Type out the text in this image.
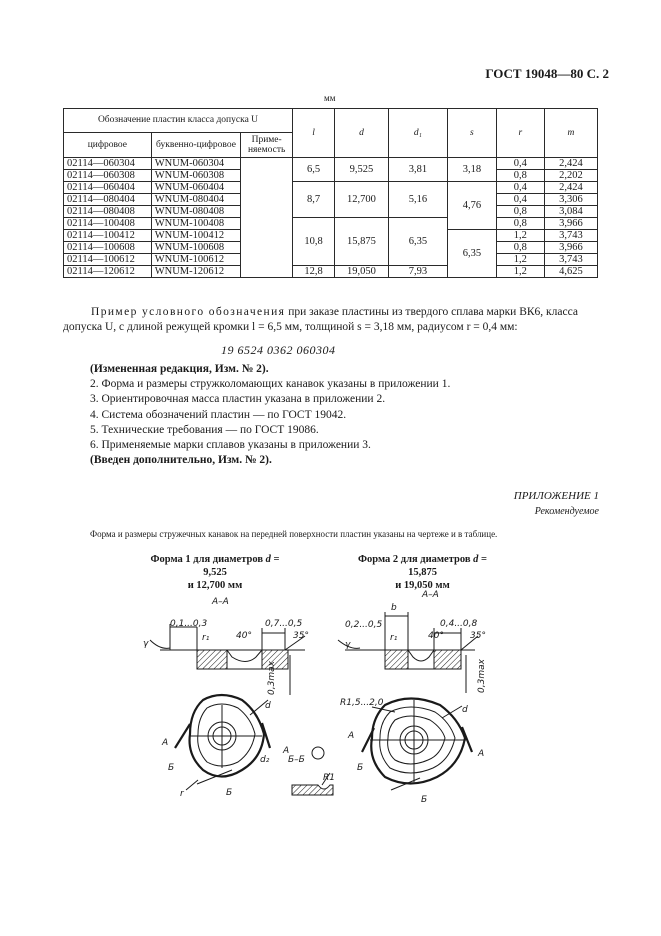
ГОСТ 19048—80 С. 2
мм
Обозначение пластин класса допуска U			l	d	d₁	s	r	m
цифровое	буквенно-цифровое	Приме-няемость						
02114—060304	WNUM-060304		6,5	9,525	3,81	3,18	0,4	2,424
02114—060308	WNUM-060308						0,8	2,202
02114—060404	WNUM-060404		8,7	12,700	5,16	4,76	0,4	2,424
02114—080404	WNUM-080404						0,4	3,306
02114—080408	WNUM-080408						0,8	3,084
02114—100408	WNUM-100408		10,8	15,875	6,35		0,8	3,966
02114—100412	WNUM-100412					6,35	1,2	3,743
02114—100608	WNUM-100608						0,8	3,966
02114—100612	WNUM-100612						1,2	3,743
02114—120612	WNUM-120612		12,8	19,050	7,93		1,2	4,625
Пример условного обозначения при заказе пластины из твердого сплава марки ВК6, класса допуска U, с длиной режущей кромки l = 6,5 мм, толщиной s = 3,18 мм, радиусом r = 0,4 мм:
19 6524 0362 060304
(Измененная редакция, Изм. № 2).
2. Форма и размеры стружколомающих канавок указаны в приложении 1.
3. Ориентировочная масса пластин указана в приложении 2.
4. Система обозначений пластин — по ГОСТ 19042.
5. Технические требования — по ГОСТ 19086.
6. Применяемые марки сплавов указаны в приложении 3.
(Введен дополнительно, Изм. № 2).
ПРИЛОЖЕНИЕ 1
Рекомендуемое
Форма и размеры стружечных канавок на передней поверхности пластин указаны на чертеже и в таблице.
Форма 1 для диаметров d = 9,525
и 12,700 мм
Форма 2 для диаметров d = 15,875
и 19,050 мм
А–А
0,1...0,3	0,7...0,5
r₁	40°	35°
γ
0,3max
d
d₂
А
А
Б
Б
r
Б–Б
R1
А–А
b
0,2...0,5	0,4...0,8
r₁	40°	35°
γ
0,3max
R1,5...2,0
d
А
А
Б
Б
